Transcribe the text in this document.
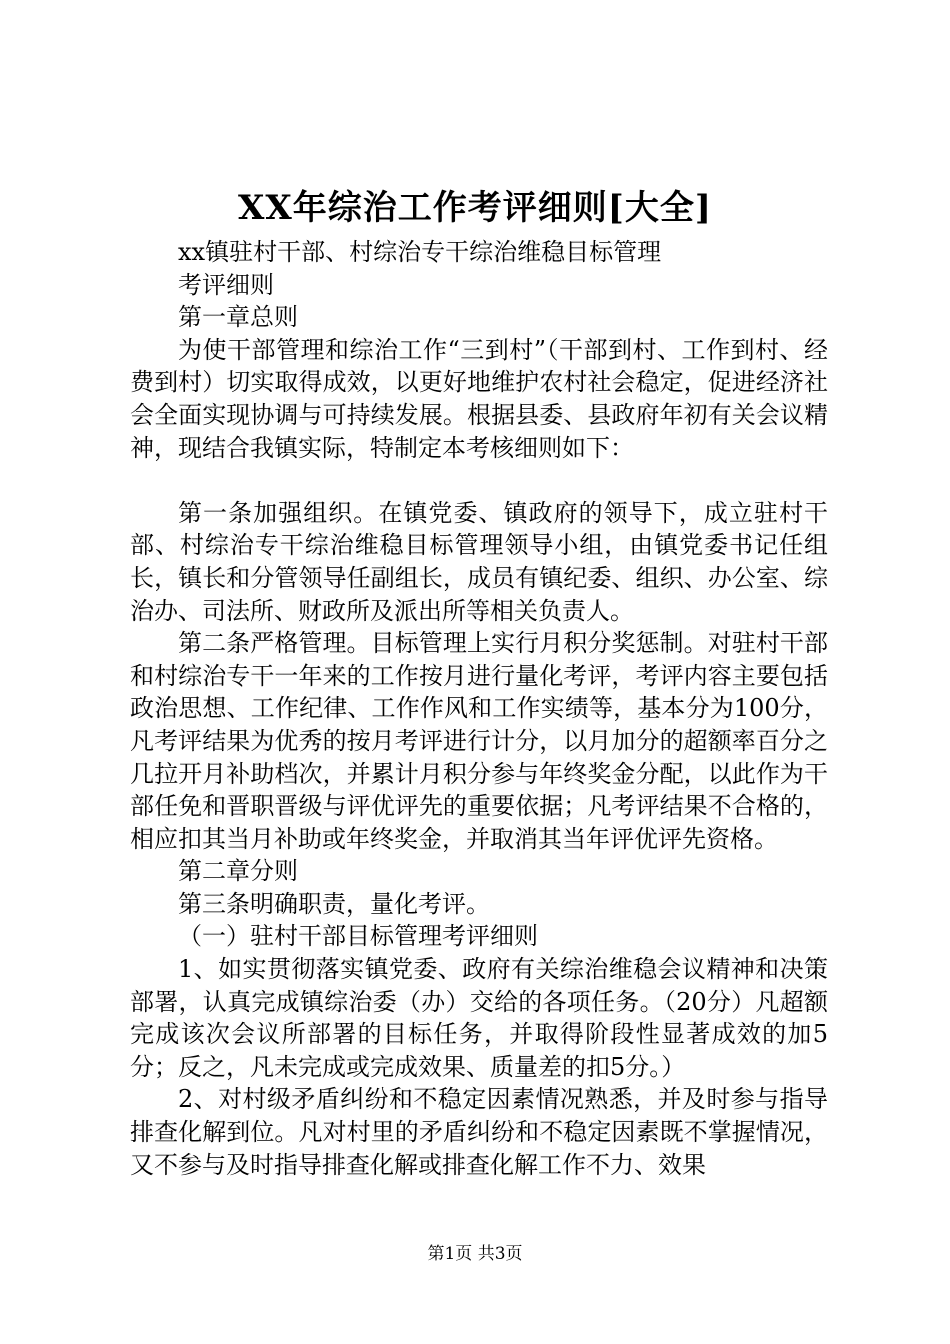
XX年综治工作考评细则[大全]

xx镇驻村干部、村综治专干综治维稳目标管理

考评细则

第一章总则

为使干部管理和综治工作“三到村”（干部到村、工作到村、经费到村）切实取得成效，以更好地维护农村社会稳定，促进经济社会全面实现协调与可持续发展。根据县委、县政府年初有关会议精神，现结合我镇实际，特制定本考核细则如下：

第一条加强组织。在镇党委、镇政府的领导下，成立驻村干部、村综治专干综治维稳目标管理领导小组，由镇党委书记任组长，镇长和分管领导任副组长，成员有镇纪委、组织、办公室、综治办、司法所、财政所及派出所等相关负责人。

第二条严格管理。目标管理上实行月积分奖惩制。对驻村干部和村综治专干一年来的工作按月进行量化考评，考评内容主要包括政治思想、工作纪律、工作作风和工作实绩等，基本分为100分，凡考评结果为优秀的按月考评进行计分，以月加分的超额率百分之几拉开月补助档次，并累计月积分参与年终奖金分配，以此作为干部任免和晋职晋级与评优评先的重要依据；凡考评结果不合格的，相应扣其当月补助或年终奖金，并取消其当年评优评先资格。

第二章分则

第三条明确职责，量化考评。

（一）驻村干部目标管理考评细则

1、如实贯彻落实镇党委、政府有关综治维稳会议精神和决策部署，认真完成镇综治委（办）交给的各项任务。（20分）凡超额完成该次会议所部署的目标任务，并取得阶段性显著成效的加5分；反之，凡未完成或完成效果、质量差的扣5分。）

2、对村级矛盾纠纷和不稳定因素情况熟悉，并及时参与指导排查化解到位。凡对村里的矛盾纠纷和不稳定因素既不掌握情况，又不参与及时指导排查化解或排查化解工作不力、效果

第1页 共3页
